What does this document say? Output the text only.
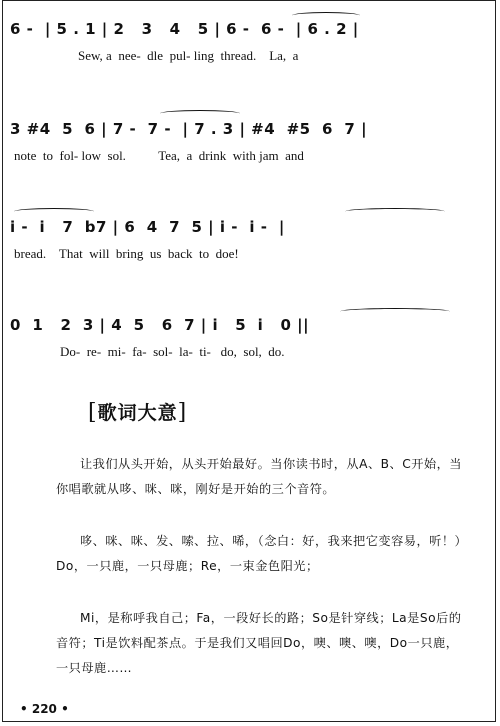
6 -  | 5 . 1 | 2   3   4   5 | 6 -  6 -  | 6 . 2 |
Sew, a  nee-  dle  pul- ling  thread.    La,  a
3 #4  5  6 | 7 -  7 -  | 7 . 3 | #4  #5  6  7 |
note  to  fol- low  sol.          Tea,  a  drink  with jam  and
i -  i   7  b7 | 6  4  7  5 | i -  i -  |
bread.    That  will  bring  us  back  to  doe!
0  1   2  3 | 4  5   6  7 | i   5  i   0 ||
Do-  re-  mi-  fa-  sol-  la-  ti-   do,  sol,  do.
[歌词大意]
让我们从头开始，从头开始最好。当你读书时，从A、B、C开始，当你唱歌就从哆、咪、咪，刚好是开始的三个音符。
哆、咪、咪、发、嗦、拉、唏，（念白：好，我来把它变容易，听！）Do，一只鹿，一只母鹿；Re，一束金色阳光；
Mi，是称呼我自己；Fa，一段好长的路；So是针穿线；La是So后的音符；Ti是饮料配茶点。于是我们又唱回Do，噢、噢、噢，Do一只鹿，一只母鹿……
• 220 •
